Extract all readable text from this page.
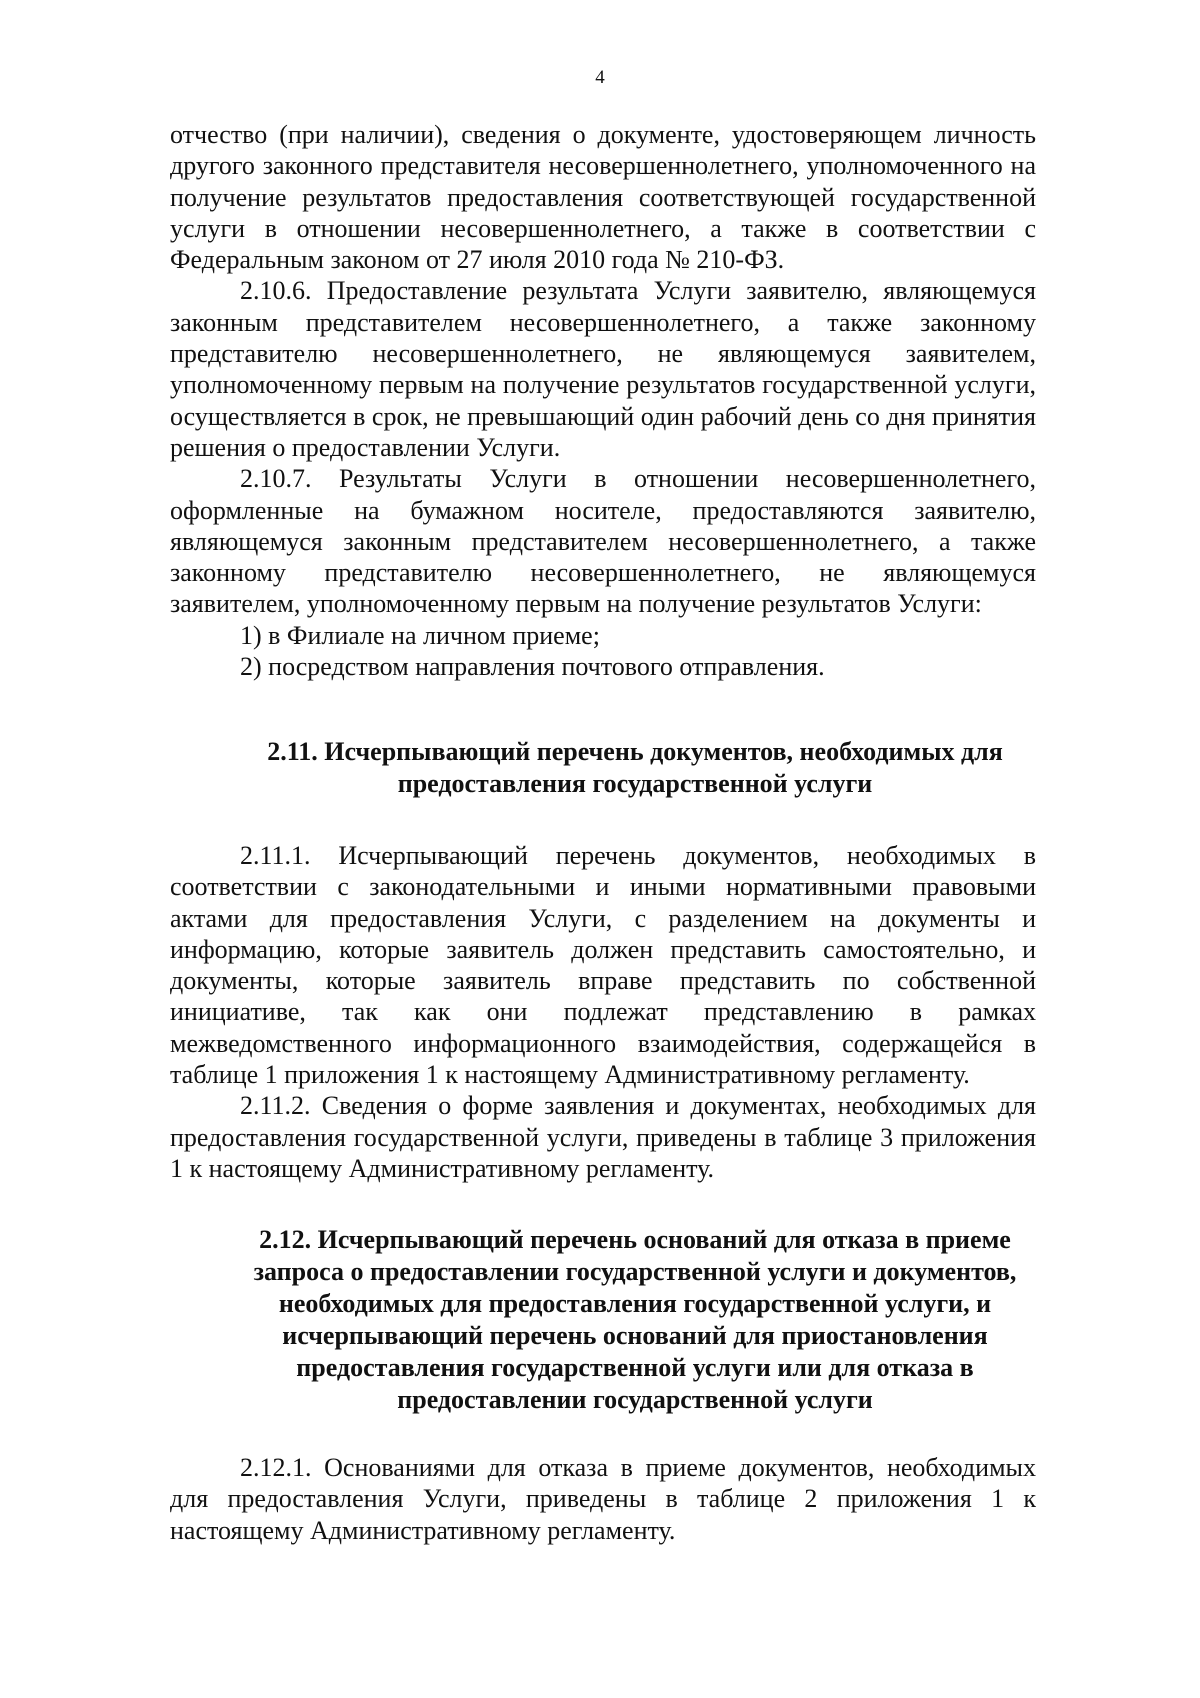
4

отчество (при наличии), сведения о документе, удостоверяющем личность другого законного представителя несовершеннолетнего, уполномоченного на получение результатов предоставления соответствующей государственной услуги в отношении несовершеннолетнего, а также в соответствии с Федеральным законом от 27 июля 2010 года № 210-ФЗ.

2.10.6. Предоставление результата Услуги заявителю, являющемуся законным представителем несовершеннолетнего, а также законному представителю несовершеннолетнего, не являющемуся заявителем, уполномоченному первым на получение результатов государственной услуги, осуществляется в срок, не превышающий один рабочий день со дня принятия решения о предоставлении Услуги.

2.10.7. Результаты Услуги в отношении несовершеннолетнего, оформленные на бумажном носителе, предоставляются заявителю, являющемуся законным представителем несовершеннолетнего, а также законному представителю несовершеннолетнего, не являющемуся заявителем, уполномоченному первым на получение результатов Услуги:

1) в Филиале на личном приеме;

2) посредством направления почтового отправления.

2.11. Исчерпывающий перечень документов, необходимых для

предоставления государственной услуги

2.11.1. Исчерпывающий перечень документов, необходимых в соответствии с законодательными и иными нормативными правовыми актами для предоставления Услуги, с разделением на документы и информацию, которые заявитель должен представить самостоятельно, и документы, которые заявитель вправе представить по собственной инициативе, так как они подлежат представлению в рамках межведомственного информационного взаимодействия, содержащейся в таблице 1 приложения 1 к настоящему Административному регламенту.

2.11.2. Сведения о форме заявления и документах, необходимых для предоставления государственной услуги, приведены в таблице 3 приложения 1 к настоящему Административному регламенту.

2.12. Исчерпывающий перечень оснований для отказа в приеме

запроса о предоставлении государственной услуги и документов,

необходимых для предоставления государственной услуги, и

исчерпывающий перечень оснований для приостановления

предоставления государственной услуги или для отказа в

предоставлении государственной услуги

2.12.1. Основаниями для отказа в приеме документов, необходимых для предоставления Услуги, приведены в таблице 2 приложения 1 к настоящему Административному регламенту.
